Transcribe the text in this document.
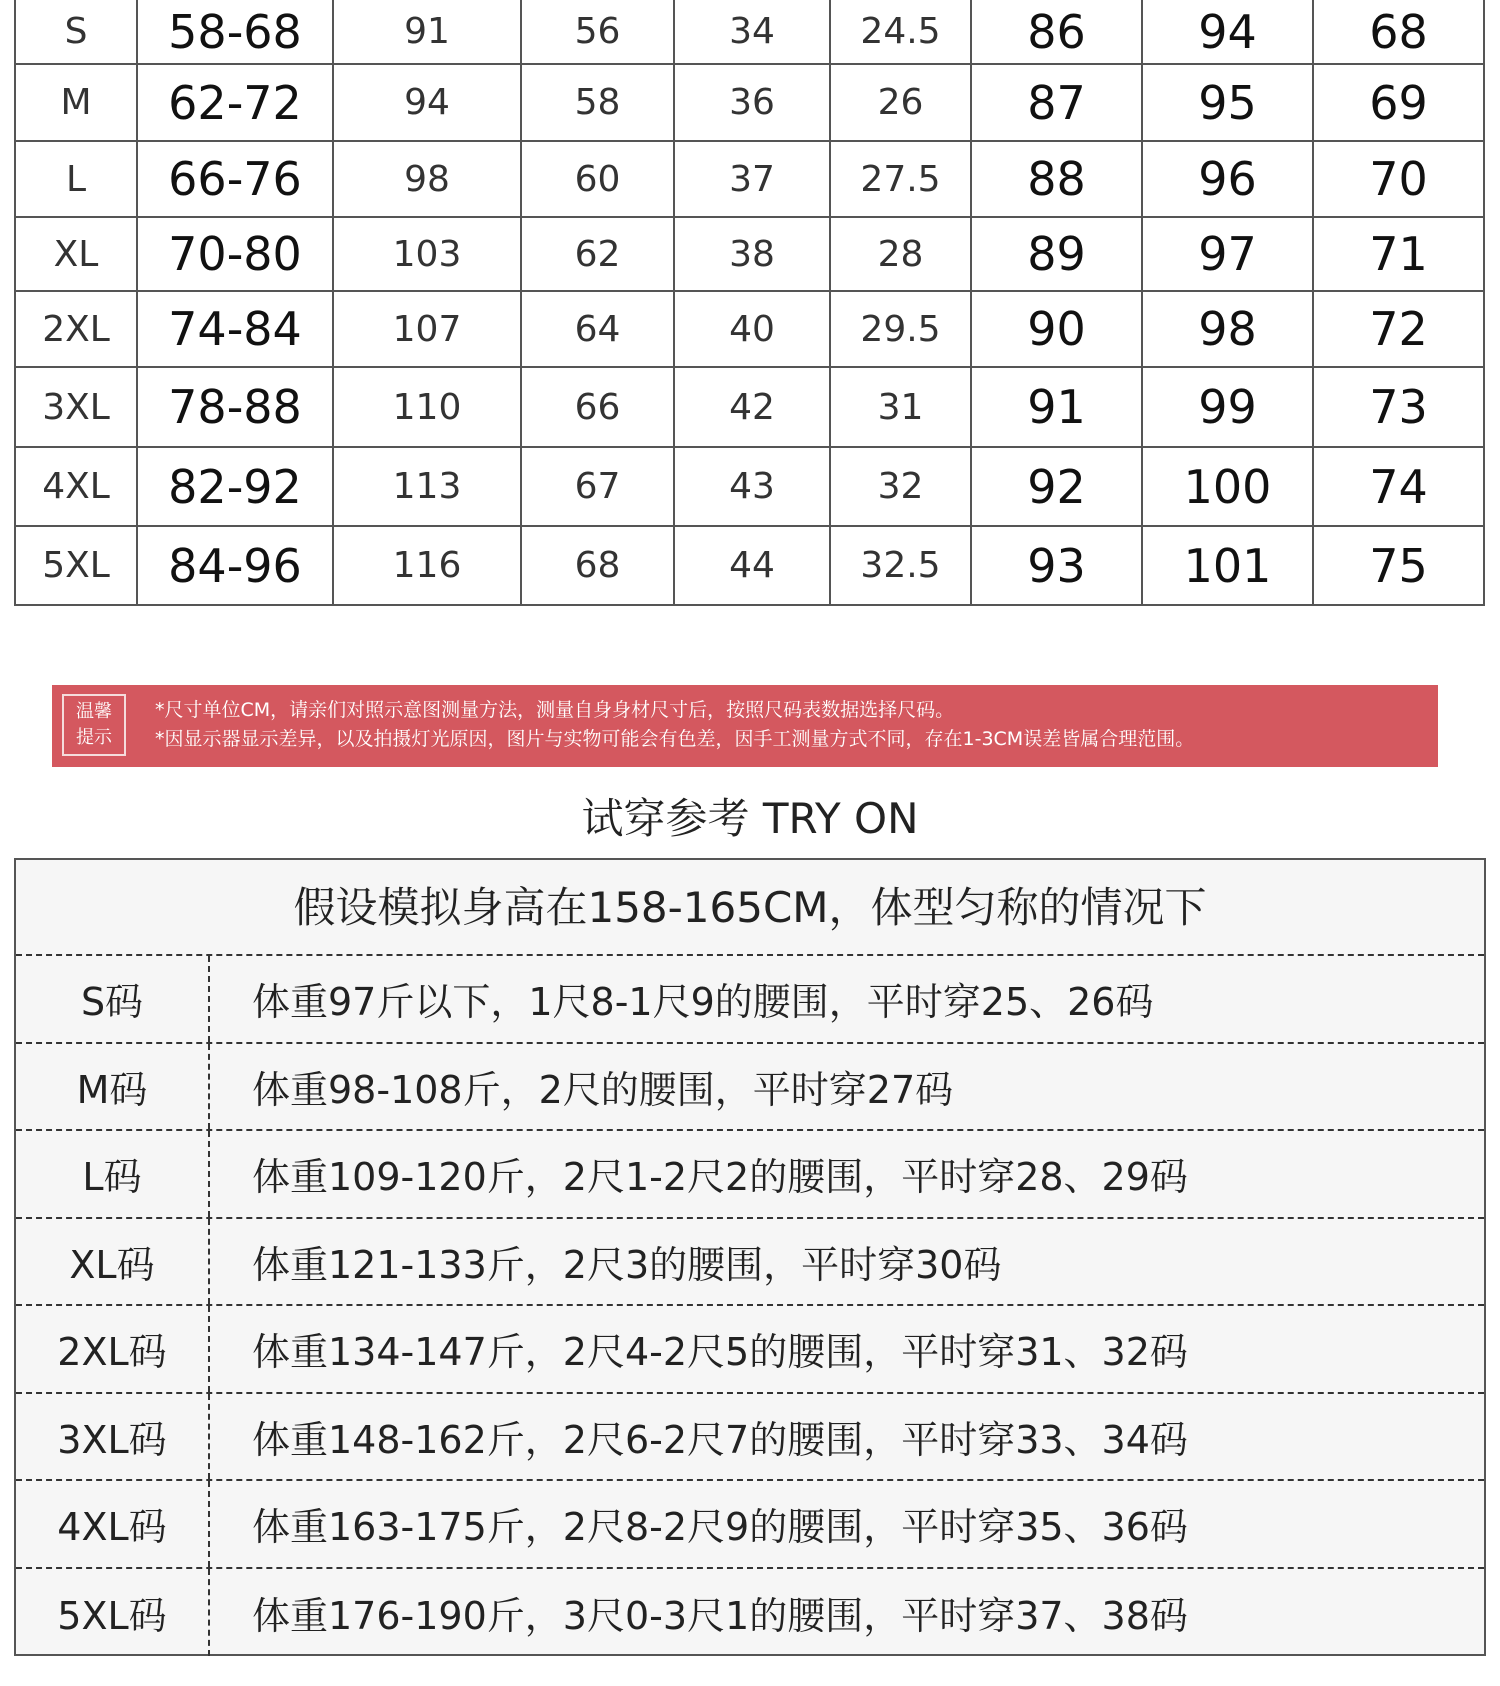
S	58-68	91	56	34	24.5	86	94	68
M	62-72	94	58	36	26	87	95	69
L	66-76	98	60	37	27.5	88	96	70
XL	70-80	103	62	38	28	89	97	71
2XL	74-84	107	64	40	29.5	90	98	72
3XL	78-88	110	66	42	31	91	99	73
4XL	82-92	113	67	43	32	92	100	74
5XL	84-96	116	68	44	32.5	93	101	75
温馨
提示
*尺寸单位CM，请亲们对照示意图测量方法，测量自身身材尺寸后，按照尺码表数据选择尺码。
*因显示器显示差异，以及拍摄灯光原因，图片与实物可能会有色差，因手工测量方式不同，存在1-3CM误差皆属合理范围。
试穿参考 TRY ON
假设模拟身高在158-165CM，体型匀称的情况下
S码	体重97斤以下，1尺8-1尺9的腰围，平时穿25、26码
M码	体重98-108斤，2尺的腰围，平时穿27码
L码	体重109-120斤，2尺1-2尺2的腰围，平时穿28、29码
XL码	体重121-133斤，2尺3的腰围，平时穿30码
2XL码	体重134-147斤，2尺4-2尺5的腰围，平时穿31、32码
3XL码	体重148-162斤，2尺6-2尺7的腰围，平时穿33、34码
4XL码	体重163-175斤，2尺8-2尺9的腰围，平时穿35、36码
5XL码	体重176-190斤，3尺0-3尺1的腰围，平时穿37、38码
